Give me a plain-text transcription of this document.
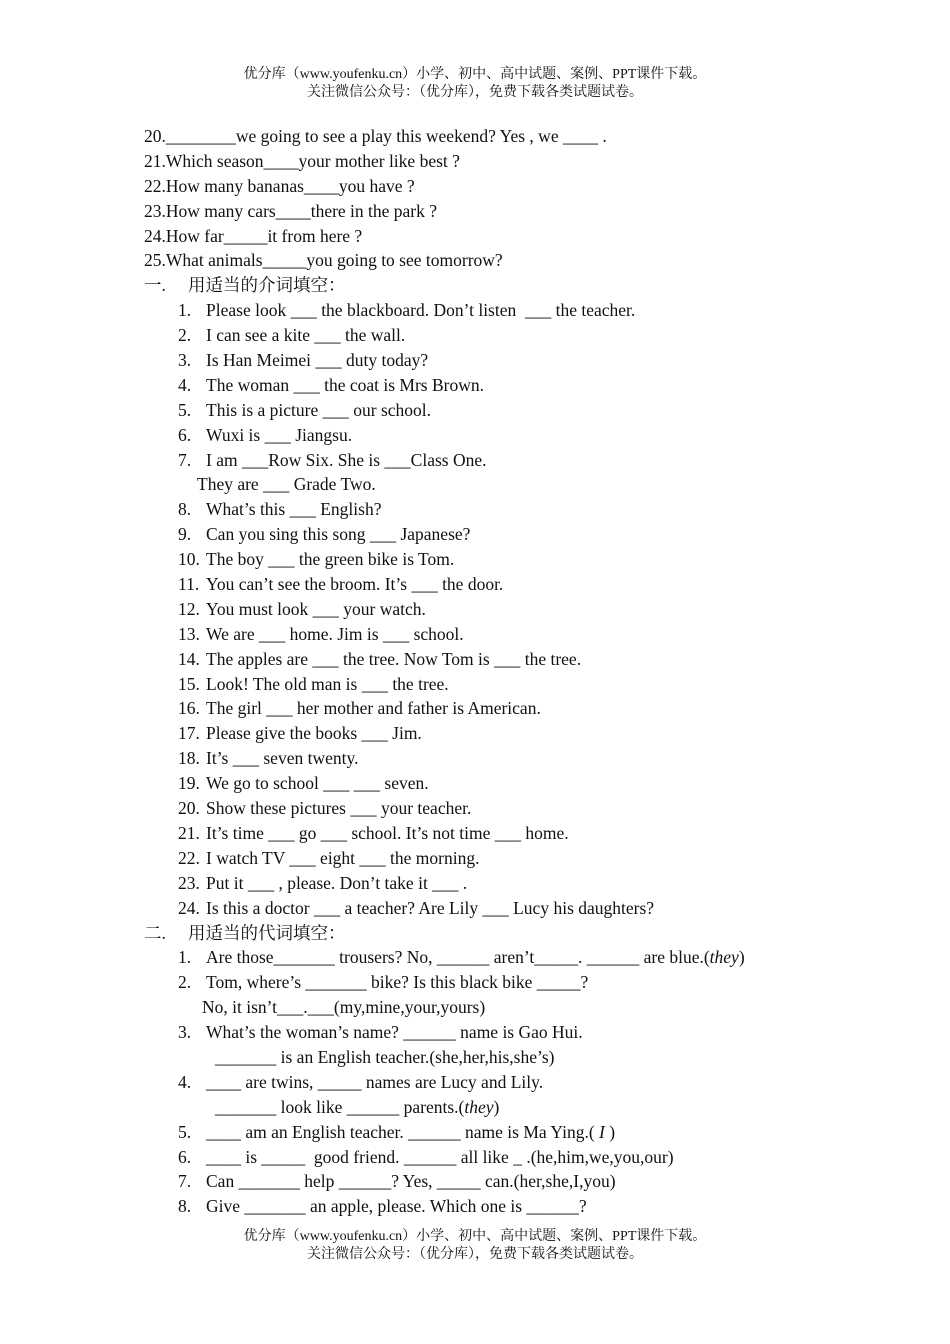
优分库（www.youfenku.cn）小学、初中、高中试题、案例、PPT课件下载。
关注微信公众号：（优分库），免费下载各类试题试卷。
20.________we going to see a play this weekend? Yes , we ____ .
21.Which season____your mother like best ?
22.How many bananas____you have ?
23.How many cars____there in the park ?
24.How far_____it from here ?
25.What animals_____you going to see tomorrow?
一. 用适当的介词填空：
1. Please look ___ the blackboard. Don’t listen  ___ the teacher.
2. I can see a kite ___ the wall.
3. Is Han Meimei ___ duty today?
4. The woman ___ the coat is Mrs Brown.
5. This is a picture ___ our school.
6. Wuxi is ___ Jiangsu.
7. I am ___Row Six. She is ___Class One.
They are ___ Grade Two.
8. What’s this ___ English?
9. Can you sing this song ___ Japanese?
10. The boy ___ the green bike is Tom.
11. You can’t see the broom. It’s ___ the door.
12. You must look ___ your watch.
13. We are ___ home. Jim is ___ school.
14. The apples are ___ the tree. Now Tom is ___ the tree.
15. Look! The old man is ___ the tree.
16. The girl ___ her mother and father is American.
17. Please give the books ___ Jim.
18. It’s ___ seven twenty.
19. We go to school ___ ___ seven.
20. Show these pictures ___ your teacher.
21. It’s time ___ go ___ school. It’s not time ___ home.
22. I watch TV ___ eight ___ the morning.
23. Put it ___ , please. Don’t take it ___ .
24. Is this a doctor ___ a teacher? Are Lily ___ Lucy his daughters?
二. 用适当的代词填空：
1. Are those_______ trousers? No, ______ aren’t_____. ______ are blue.(they)
2. Tom, where’s _______ bike? Is this black bike _____?
No, it isn’t___.___(my,mine,your,yours)
3. What’s the woman’s name? ______ name is Gao Hui.
_______ is an English teacher.(she,her,his,she’s)
4. ____ are twins, _____ names are Lucy and Lily.
_______ look like ______ parents.(they)
5. ____ am an English teacher. ______ name is Ma Ying.( I )
6. ____ is _____  good friend. ______ all like _ .(he,him,we,you,our)
7. Can _______ help ______? Yes, _____ can.(her,she,I,you)
8. Give _______ an apple, please. Which one is ______?
优分库（www.youfenku.cn）小学、初中、高中试题、案例、PPT课件下载。
关注微信公众号：（优分库），免费下载各类试题试卷。
